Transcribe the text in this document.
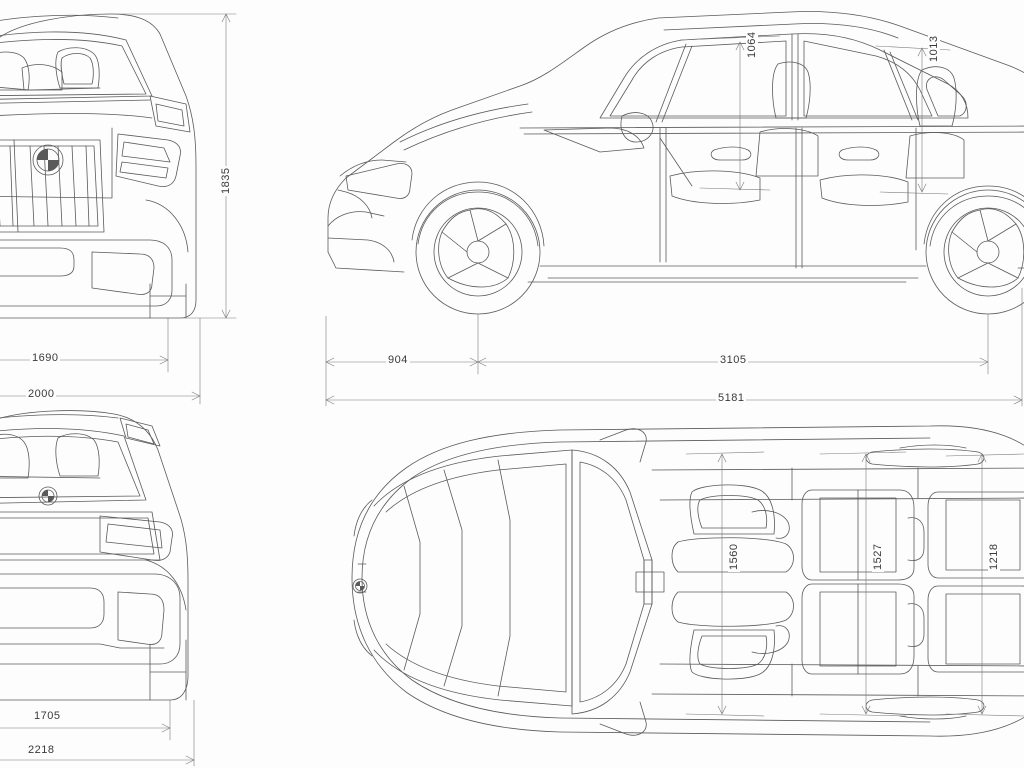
1835
1690
2000
1705
2218
904	3105
5181
1064	1013
1560	1527	1218
